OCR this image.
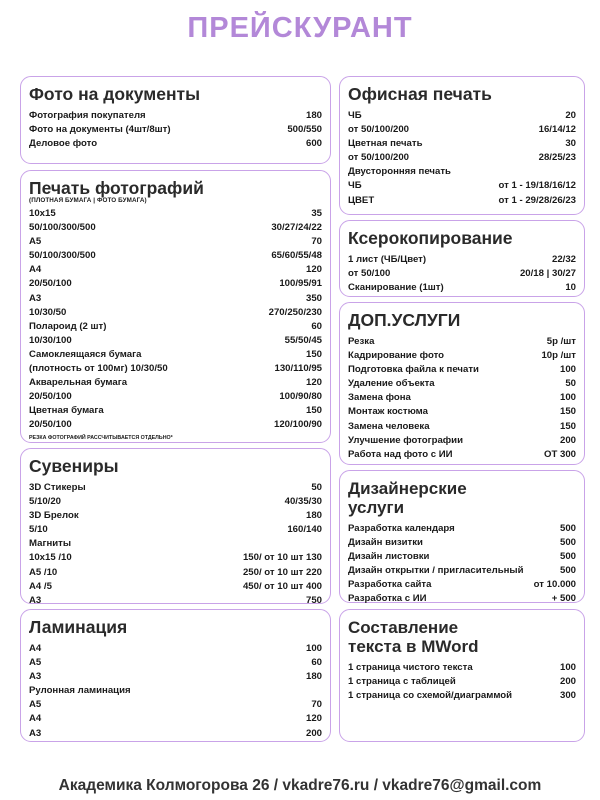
ПРЕЙСКУРАНТ
Фото на документы
Фотография покупателя	180
Фото на документы (4шт/8шт)	500/550
Деловое фото	600
Печать фотографий
(ПЛОТНАЯ БУМАГА | ФОТО БУМАГА)
10x15	35
50/100/300/500	30/27/24/22
А5	70
50/100/300/500	65/60/55/48
А4	120
20/50/100	100/95/91
А3	350
10/30/50	270/250/230
Полароид (2 шт)	60
10/30/100	55/50/45
Самоклеящаяся бумага	150
(плотность от 100мг) 10/30/50	130/110/95
Акварельная бумага	120
20/50/100	100/90/80
Цветная бумага	150
20/50/100	120/100/90
РЕЗКА ФОТОГРАФИЙ РАССЧИТЫВАЕТСЯ ОТДЕЛЬНО*
Сувениры
3D Стикеры	50
5/10/20	40/35/30
3D Брелок	180
5/10	160/140
Магниты
10x15 /10	150/ от 10 шт 130
А5 /10	250/ от 10 шт 220
А4 /5	450/ от 10 шт 400
А3	750
Ламинация
А4	100
А5	60
А3	180
Рулонная ламинация
А5	70
А4	120
А3	200
Офисная печать
ЧБ	20
от 50/100/200	16/14/12
Цветная печать	30
от 50/100/200	28/25/23
Двусторонняя печать
ЧБ	от 1 - 19/18/16/12
ЦВЕТ	от 1 - 29/28/26/23
Ксерокопирование
1 лист (ЧБ/Цвет)	22/32
от 50/100	20/18 | 30/27
Сканирование (1шт)	10
ДОП.УСЛУГИ
Резка	5р /шт
Кадрирование фото	10р /шт
Подготовка файла к печати	100
Удаление объекта	50
Замена фона	100
Монтаж костюма	150
Замена человека	150
Улучшение фотографии	200
Работа над фото с ИИ	ОТ 300
Дизайнерские
услуги
Разработка календаря	500
Дизайн визитки	500
Дизайн листовки	500
Дизайн открытки / пригласительный	500
Разработка сайта	от 10.000
Разработка с ИИ	+ 500
Составление
текста в MWord
1 страница чистого текста	100
1 страница с таблицей	200
1 страница со схемой/диаграммой	300
Академика Колмогорова 26 / vkadre76.ru / vkadre76@gmail.com
